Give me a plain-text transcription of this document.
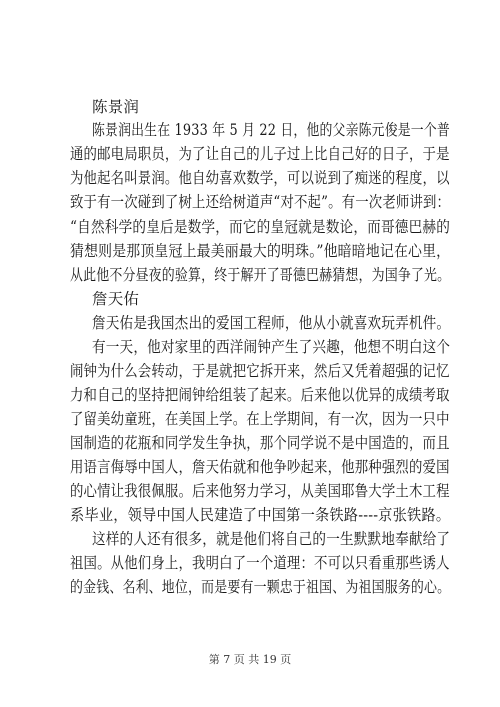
陈景润
陈景润出生在 1933 年 5 月 22 日，他的父亲陈元俊是一个普
通的邮电局职员，为了让自己的儿子过上比自己好的日子，于是
为他起名叫景润。他自幼喜欢数学，可以说到了痴迷的程度，以
致于有一次碰到了树上还给树道声“对不起”。有一次老师讲到：
“自然科学的皇后是数学，而它的皇冠就是数论，而哥德巴赫的
猜想则是那顶皇冠上最美丽最大的明珠。”他暗暗地记在心里，
从此他不分昼夜的验算，终于解开了哥德巴赫猜想，为国争了光。
詹天佑
詹天佑是我国杰出的爱国工程师，他从小就喜欢玩弄机件。
有一天，他对家里的西洋闹钟产生了兴趣，他想不明白这个
闹钟为什么会转动，于是就把它拆开来，然后又凭着超强的记忆
力和自己的坚持把闹钟给组装了起来。后来他以优异的成绩考取
了留美幼童班，在美国上学。在上学期间，有一次，因为一只中
国制造的花瓶和同学发生争执，那个同学说不是中国造的，而且
用语言侮辱中国人，詹天佑就和他争吵起来，他那种强烈的爱国
的心情让我很佩服。后来他努力学习，从美国耶鲁大学土木工程
系毕业，领导中国人民建造了中国第一条铁路----京张铁路。
这样的人还有很多，就是他们将自己的一生默默地奉献给了
祖国。从他们身上，我明白了一个道理：不可以只看重那些诱人
的金钱、名利、地位，而是要有一颗忠于祖国、为祖国服务的心。
第 7 页 共 19 页
